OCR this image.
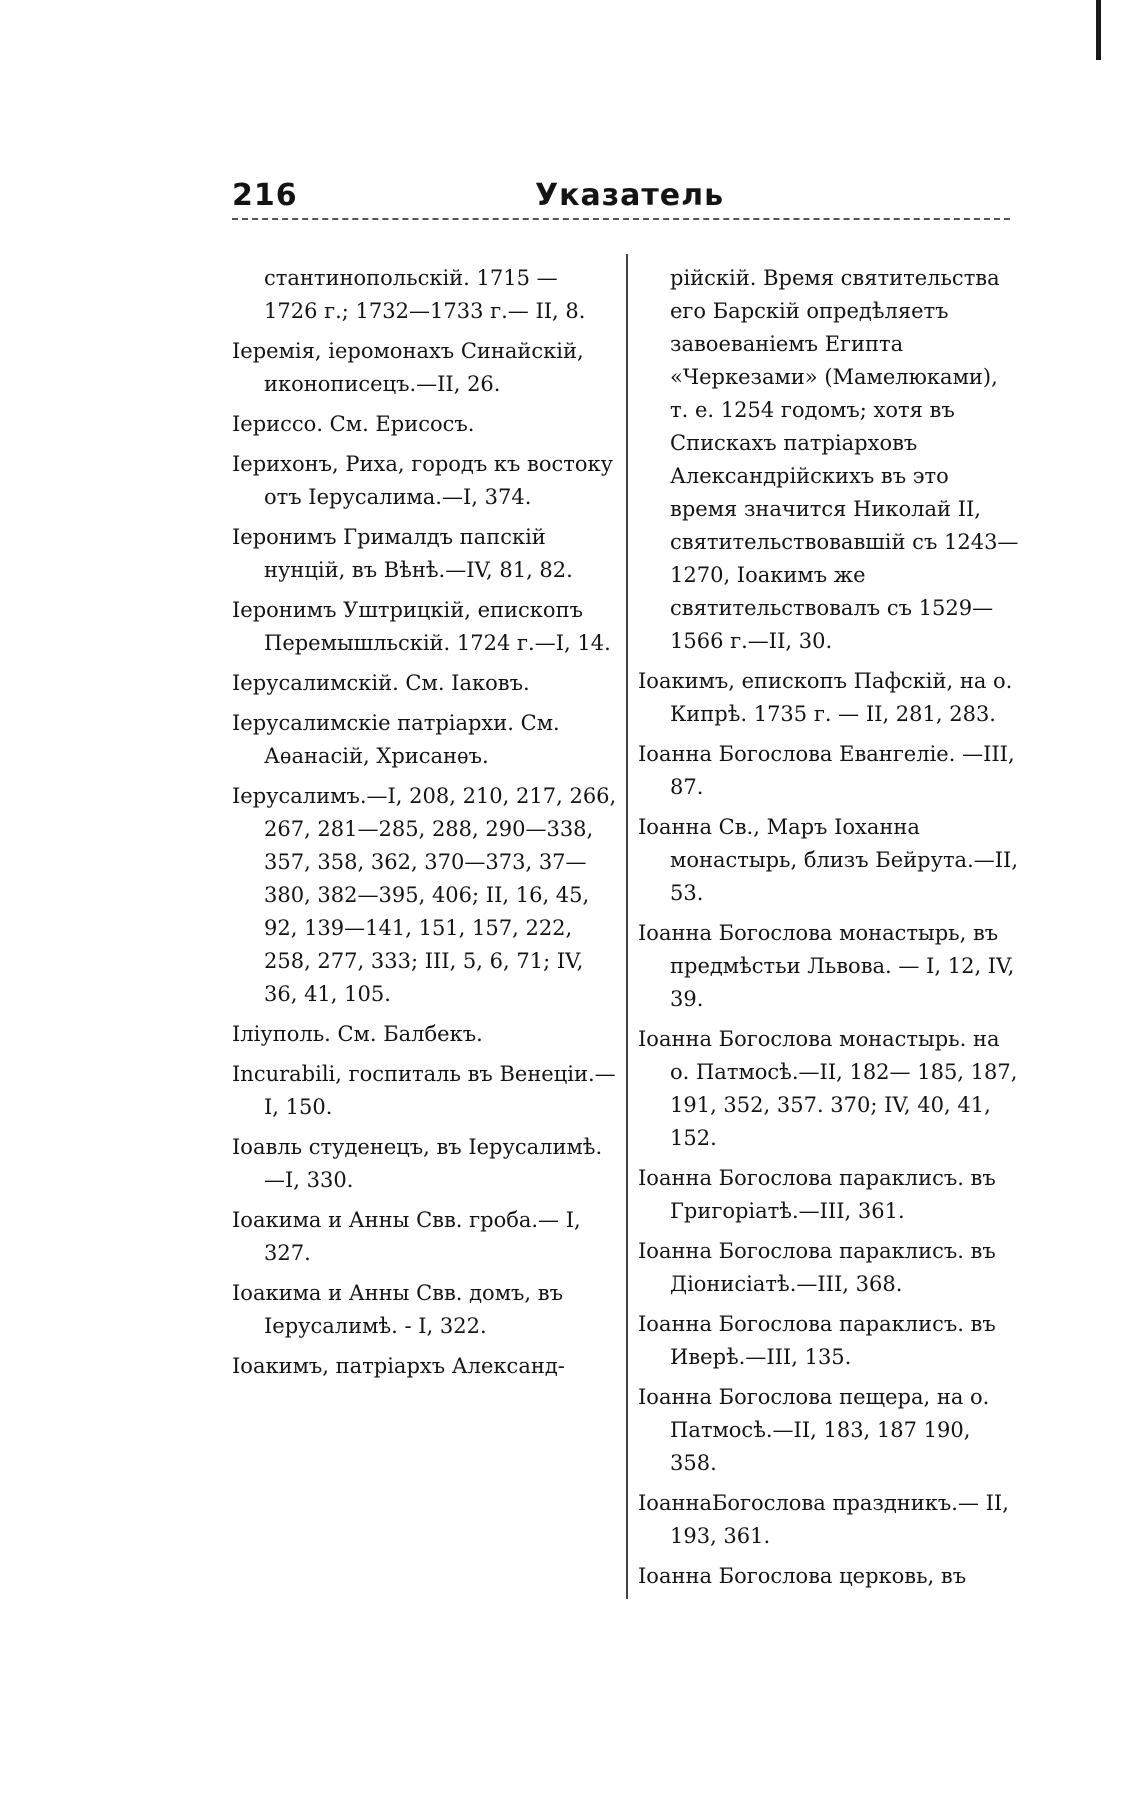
216	Указатель

стантинопольскій. 1715 — 1726 г.; 1732—1733 г.— II, 8.

Іеремія, іеромонахъ Синайскій, иконописецъ.—II, 26.

Іериссо. См. Ерисосъ.

Іерихонъ, Риха, городъ къ востоку отъ Іерусалима.—I, 374.

Іеронимъ Грималдъ папскій нунцій, въ Вѣнѣ.—IV, 81, 82.

Іеронимъ Уштрицкій, епископъ Перемышльскій. 1724 г.—I, 14.

Іерусалимскій. См. Іаковъ.

Іерусалимскіе патріархи. См. Аѳанасій, Хрисанѳъ.

Іерусалимъ.—I, 208, 210, 217, 266, 267, 281—285, 288, 290—338, 357, 358, 362, 370—373, 37—380, 382—395, 406; II, 16, 45, 92, 139—141, 151, 157, 222, 258, 277, 333; III, 5, 6, 71; IV, 36, 41, 105.

Іліуполь. См. Балбекъ.

Incurabili, госпиталь въ Венеціи.—I, 150.

Іоавль студенецъ, въ Іерусалимѣ.—I, 330.

Іоакима и Анны Свв. гроба.— I, 327.

Іоакима и Анны Свв. домъ, въ Іерусалимѣ. - I, 322.

Іоакимъ, патріархъ Александ-

рійскій. Время святительства его Барскій опредѣляетъ завоеваніемъ Египта «Черкезами» (Мамелюками), т. е. 1254 годомъ; хотя въ Спискахъ патріарховъ Александрійскихъ въ это время значится Николай II, святительствовавшій съ 1243—1270, Іоакимъ же святительствовалъ съ 1529—1566 г.—II, 30.

Іоакимъ, епископъ Пафскій, на о. Кипрѣ. 1735 г. — II, 281, 283.

Іоанна Богослова Евангеліе. —III, 87.

Іоанна Св., Маръ Іоханна монастырь, близъ Бейрута.—II, 53.

Іоанна Богослова монастырь, въ предмѣстьи Львова. — I, 12, IV, 39.

Іоанна Богослова монастырь. на о. Патмосѣ.—II, 182— 185, 187, 191, 352, 357. 370; IV, 40, 41, 152.

Іоанна Богослова параклисъ. въ Григоріатѣ.—III, 361.

Іоанна Богослова параклисъ. въ Діонисіатѣ.—III, 368.

Іоанна Богослова параклисъ. въ Иверѣ.—III, 135.

Іоанна Богослова пещера, на о. Патмосѣ.—II, 183, 187 190, 358.

ІоаннаБогослова праздникъ.— II, 193, 361.

Іоанна Богослова церковь, въ
